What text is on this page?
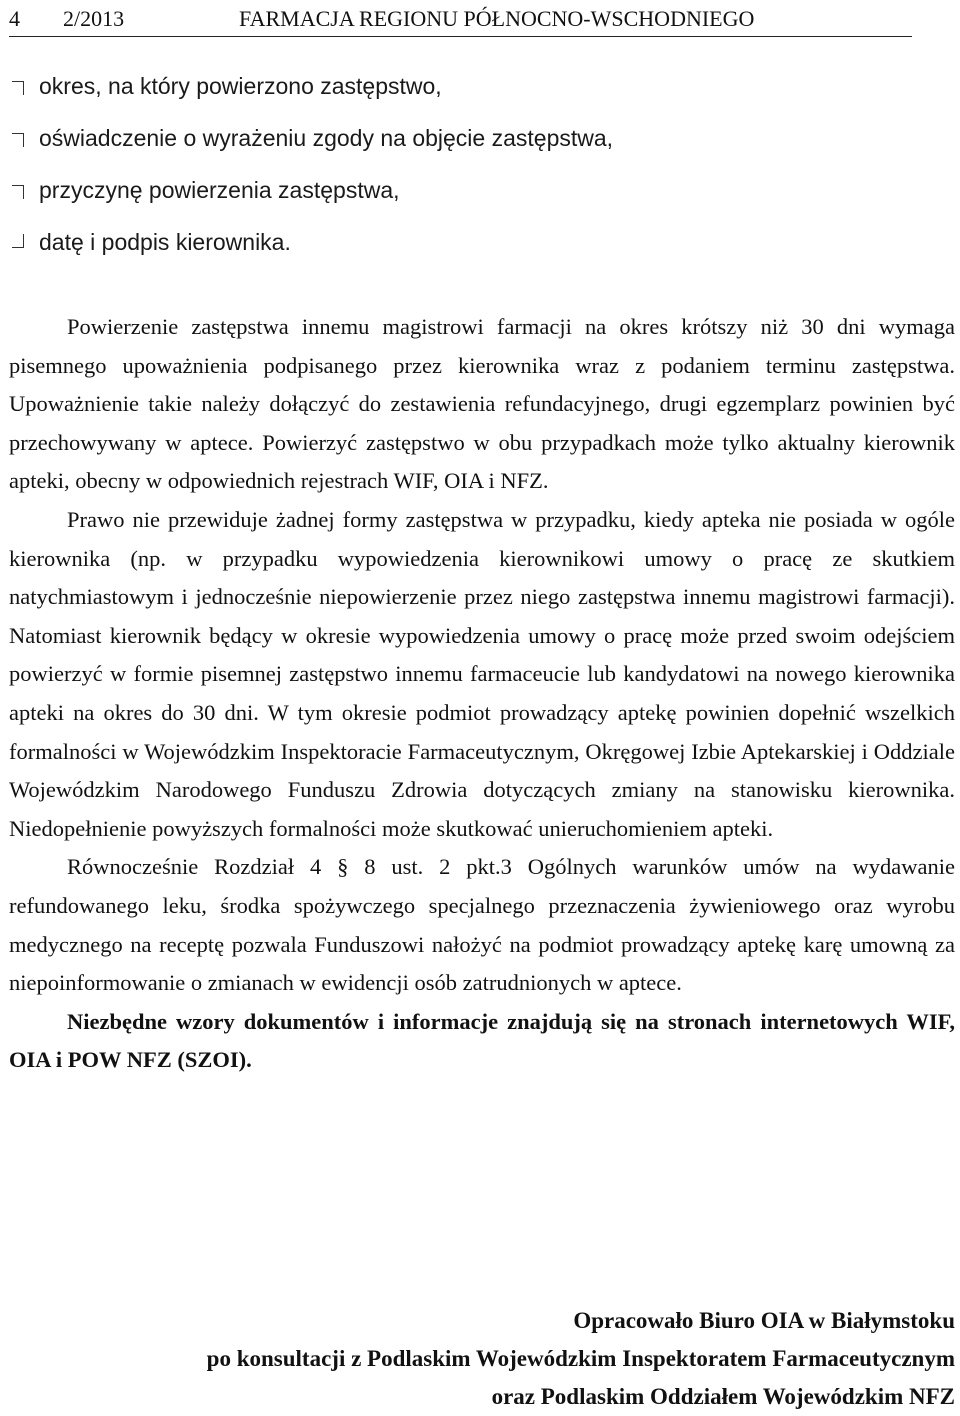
4 2/2013	FARMACJA REGIONU PÓŁNOCNO-WSCHODNIEGO
okres, na który powierzono zastępstwo,
oświadczenie o wyrażeniu zgody na objęcie zastępstwa,
przyczynę powierzenia zastępstwa,
datę i podpis kierownika.

Powierzenie zastępstwa innemu magistrowi farmacji na okres krótszy niż 30 dni wymaga pisemnego upoważnienia podpisanego przez kierownika wraz z podaniem terminu zastępstwa. Upoważnienie takie należy dołączyć do zestawienia refundacyjnego, drugi egzemplarz powinien być przechowywany w aptece. Powierzyć zastępstwo w obu przypadkach może tylko aktualny kierownik apteki, obecny w odpowiednich rejestrach WIF, OIA i NFZ.

Prawo nie przewiduje żadnej formy zastępstwa w przypadku, kiedy apteka nie posiada w ogóle kierownika (np. w przypadku wypowiedzenia kierownikowi umowy o pracę ze skutkiem natychmiastowym i jednocześnie niepowierzenie przez niego zastępstwa innemu magistrowi farmacji). Natomiast kierownik będący w okresie wypowiedzenia umowy o pracę może przed swoim odejściem powierzyć w formie pisemnej zastępstwo innemu farmaceucie lub kandydatowi na nowego kierownika apteki na okres do 30 dni. W tym okresie podmiot prowadzący aptekę powinien dopełnić wszelkich formalności w Wojewódzkim Inspektoracie Farmaceutycznym, Okręgowej Izbie Aptekarskiej i Oddziale Wojewódzkim Narodowego Funduszu Zdrowia dotyczących zmiany na stanowisku kierownika. Niedopełnienie powyższych formalności może skutkować unieruchomieniem apteki.

Równocześnie Rozdział 4 § 8 ust. 2 pkt.3 Ogólnych warunków umów na wydawanie refundowanego leku, środka spożywczego specjalnego przeznaczenia żywieniowego oraz wyrobu medycznego na receptę pozwala Funduszowi nałożyć na podmiot prowadzący aptekę karę umowną za niepoinformowanie o zmianach w ewidencji osób zatrudnionych w aptece.

Niezbędne wzory dokumentów i informacje znajdują się na stronach internetowych WIF, OIA i POW NFZ (SZOI).

Opracowało Biuro OIA w Białymstoku
po konsultacji z Podlaskim Wojewódzkim Inspektoratem Farmaceutycznym
oraz Podlaskim Oddziałem Wojewódzkim NFZ
